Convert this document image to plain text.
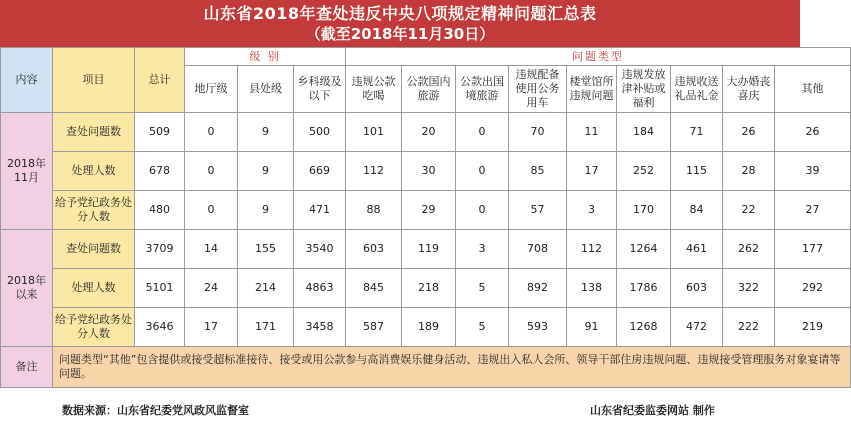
山东省2018年查处违反中央八项规定精神问题汇总表
（截至2018年11月30日）
内容	项目	总计	级 别			问题类型								
			地厅级	县处级	乡科级及以下	违规公款吃喝	公款国内旅游	公款出国境旅游	违规配备使用公务用车	楼堂馆所违规问题	违规发放津补贴或福利	违规收送礼品礼金	大办婚丧喜庆	其他
2018年11月	查处问题数	509	0	9	500	101	20	0	70	11	184	71	26	26
	处理人数	678	0	9	669	112	30	0	85	17	252	115	28	39
	给予党纪政务处分人数	480	0	9	471	88	29	0	57	3	170	84	22	27
2018年以来	查处问题数	3709	14	155	3540	603	119	3	708	112	1264	461	262	177
	处理人数	5101	24	214	4863	845	218	5	892	138	1786	603	322	292
	给予党纪政务处分人数	3646	17	171	3458	587	189	5	593	91	1268	472	222	219
备注	问题类型“其他”包含提供或接受超标准接待、接受或用公款参与高消费娱乐健身活动、违规出入私人会所、领导干部住房违规问题、违规接受管理服务对象宴请等问题。													
数据来源：山东省纪委党风政风监督室	山东省纪委监委网站 制作
